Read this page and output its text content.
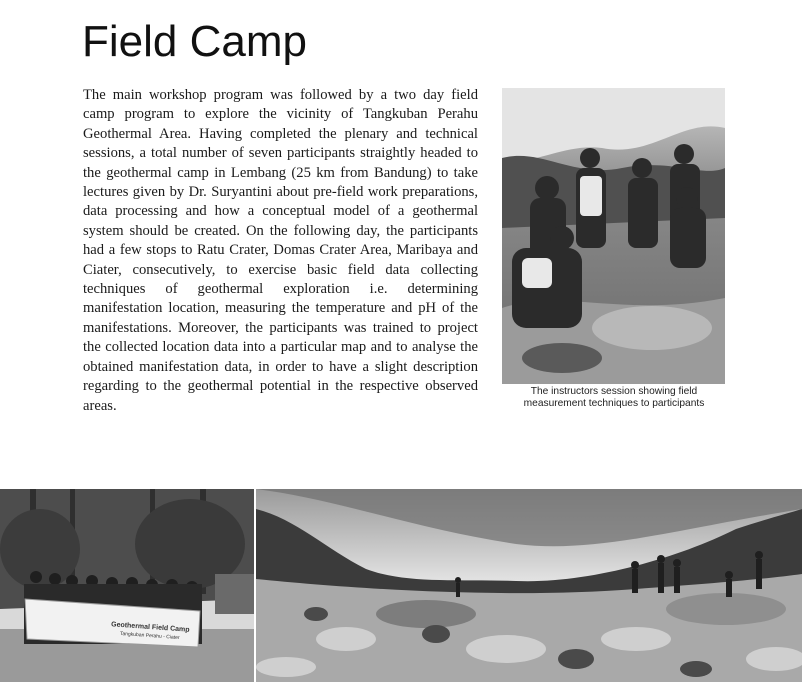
Field Camp

The main workshop program was followed by a two day field camp program to explore the vicinity of Tangkuban Perahu Geothermal Area. Having completed the plenary and technical sessions, a total number of seven participants straightly headed to the geothermal camp in Lembang (25 km from Bandung) to take lectures given by Dr. Suryantini about pre-field work preparations, data processing and how a conceptual model of a geothermal system should be created. On the following day, the participants had a few stops to Ratu Crater, Domas Crater Area, Maribaya and Ciater, consecutively, to exercise basic field data collecting techniques of geothermal exploration i.e. determining manifestation location, measuring the temperature and pH of the manifestations. Moreover, the participants was trained to project the collected location data into a particular map and to analyse the obtained manifestation data, in order to have a slight description regarding to the geothermal potential in the respective observed areas.

The instructors session showing field measurement techniques to participants
Geothermal Field Camp
Tangkuban Perahu - Ciater
